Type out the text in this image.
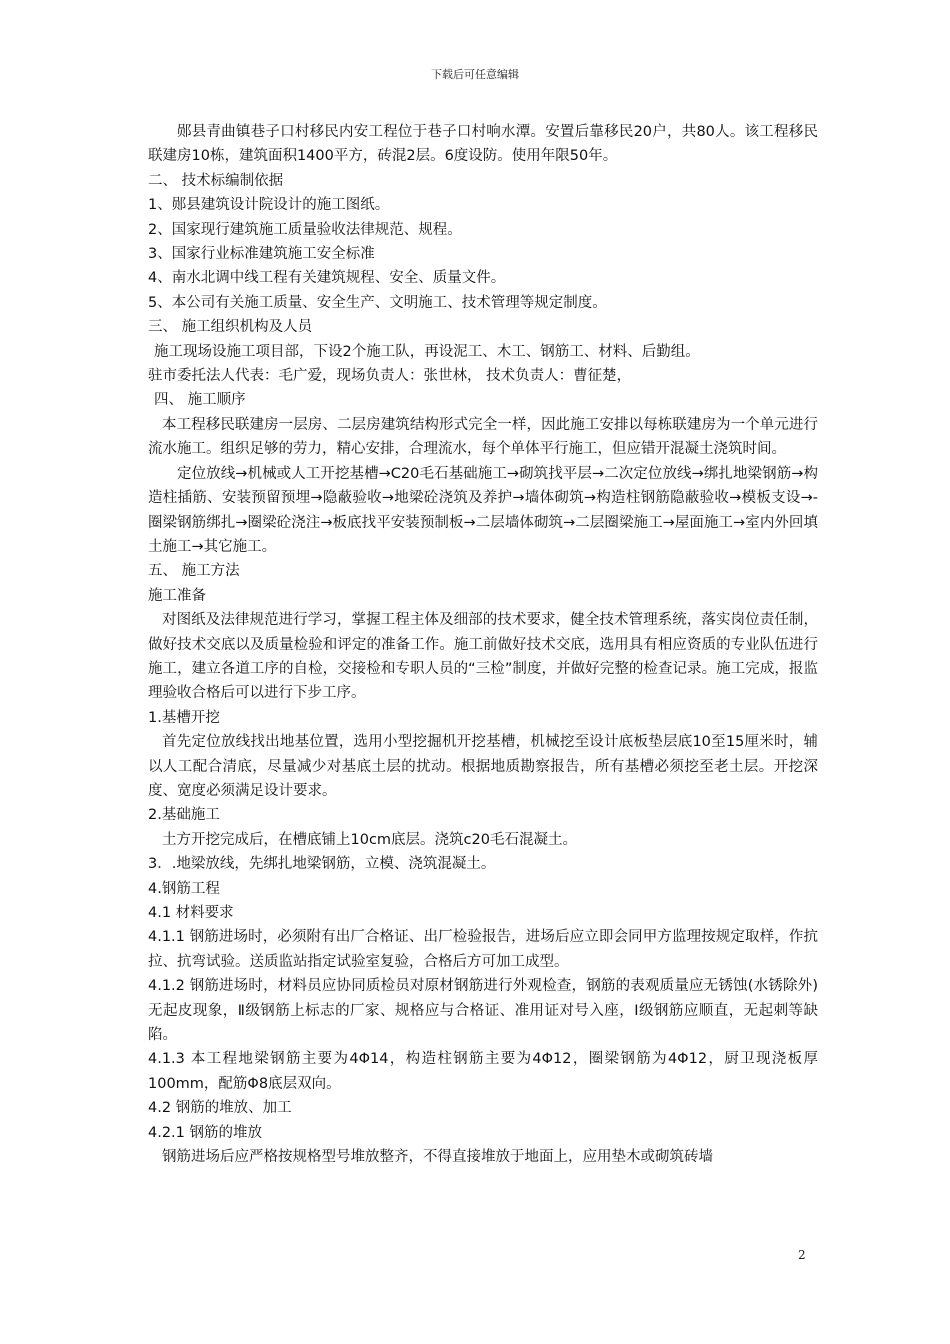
下载后可任意编辑

郧县青曲镇巷子口村移民内安工程位于巷子口村响水潭。安置后靠移民20户，共80人。该工程移民联建房10栋，建筑面积1400平方，砖混2层。6度设防。使用年限50年。

二、 技术标编制依据

1、郧县建筑设计院设计的施工图纸。

2、国家现行建筑施工质量验收法律规范、规程。

3、国家行业标准建筑施工安全标准

4、南水北调中线工程有关建筑规程、安全、质量文件。

5、本公司有关施工质量、安全生产、文明施工、技术管理等规定制度。

三、 施工组织机构及人员

施工现场设施工项目部，下设2个施工队，再设泥工、木工、钢筋工、材料、后勤组。

驻市委托法人代表：毛广爱，现场负责人：张世林， 技术负责人：曹征楚，

四、 施工顺序

本工程移民联建房一层房、二层房建筑结构形式完全一样，因此施工安排以每栋联建房为一个单元进行流水施工。组织足够的劳力，精心安排，合理流水，每个单体平行施工，但应错开混凝土浇筑时间。

定位放线→机械或人工开挖基槽→C20毛石基础施工→砌筑找平层→二次定位放线→绑扎地梁钢筋→构造柱插筋、安装预留预埋→隐蔽验收→地梁砼浇筑及养护→墙体砌筑→构造柱钢筋隐蔽验收→模板支设→-圈梁钢筋绑扎→圈梁砼浇注→板底找平安装预制板→二层墙体砌筑→二层圈梁施工→屋面施工→室内外回填土施工→其它施工。

五、 施工方法

施工准备

对图纸及法律规范进行学习，掌握工程主体及细部的技术要求，健全技术管理系统，落实岗位责任制，做好技术交底以及质量检验和评定的准备工作。施工前做好技术交底，选用具有相应资质的专业队伍进行施工，建立各道工序的自检，交接检和专职人员的“三检”制度，并做好完整的检查记录。施工完成，报监理验收合格后可以进行下步工序。

1.基槽开挖

首先定位放线找出地基位置，选用小型挖掘机开挖基槽，机械挖至设计底板垫层底10至15厘米时，辅以人工配合清底，尽量减少对基底土层的扰动。根据地质勘察报告，所有基槽必须挖至老土层。开挖深度、宽度必须满足设计要求。

2.基础施工

土方开挖完成后，在槽底铺上10cm底层。浇筑c20毛石混凝土。

3．.地梁放线，先绑扎地梁钢筋，立模、浇筑混凝土。

4.钢筋工程

4.1 材料要求

4.1.1 钢筋进场时，必须附有出厂合格证、出厂检验报告，进场后应立即会同甲方监理按规定取样，作抗拉、抗弯试验。送质监站指定试验室复验，合格后方可加工成型。

4.1.2 钢筋进场时，材料员应协同质检员对原材钢筋进行外观检查，钢筋的表观质量应无锈蚀(水锈除外)无起皮现象，Ⅱ级钢筋上标志的厂家、规格应与合格证、准用证对号入座，Ⅰ级钢筋应顺直，无起刺等缺陷。

4.1.3 本工程地梁钢筋主要为4Φ14，构造柱钢筋主要为4Φ12，圈梁钢筋为4Φ12，厨卫现浇板厚100mm，配筋Φ8底层双向。

4.2 钢筋的堆放、加工

4.2.1 钢筋的堆放

钢筋进场后应严格按规格型号堆放整齐，不得直接堆放于地面上，应用垫木或砌筑砖墙

2
